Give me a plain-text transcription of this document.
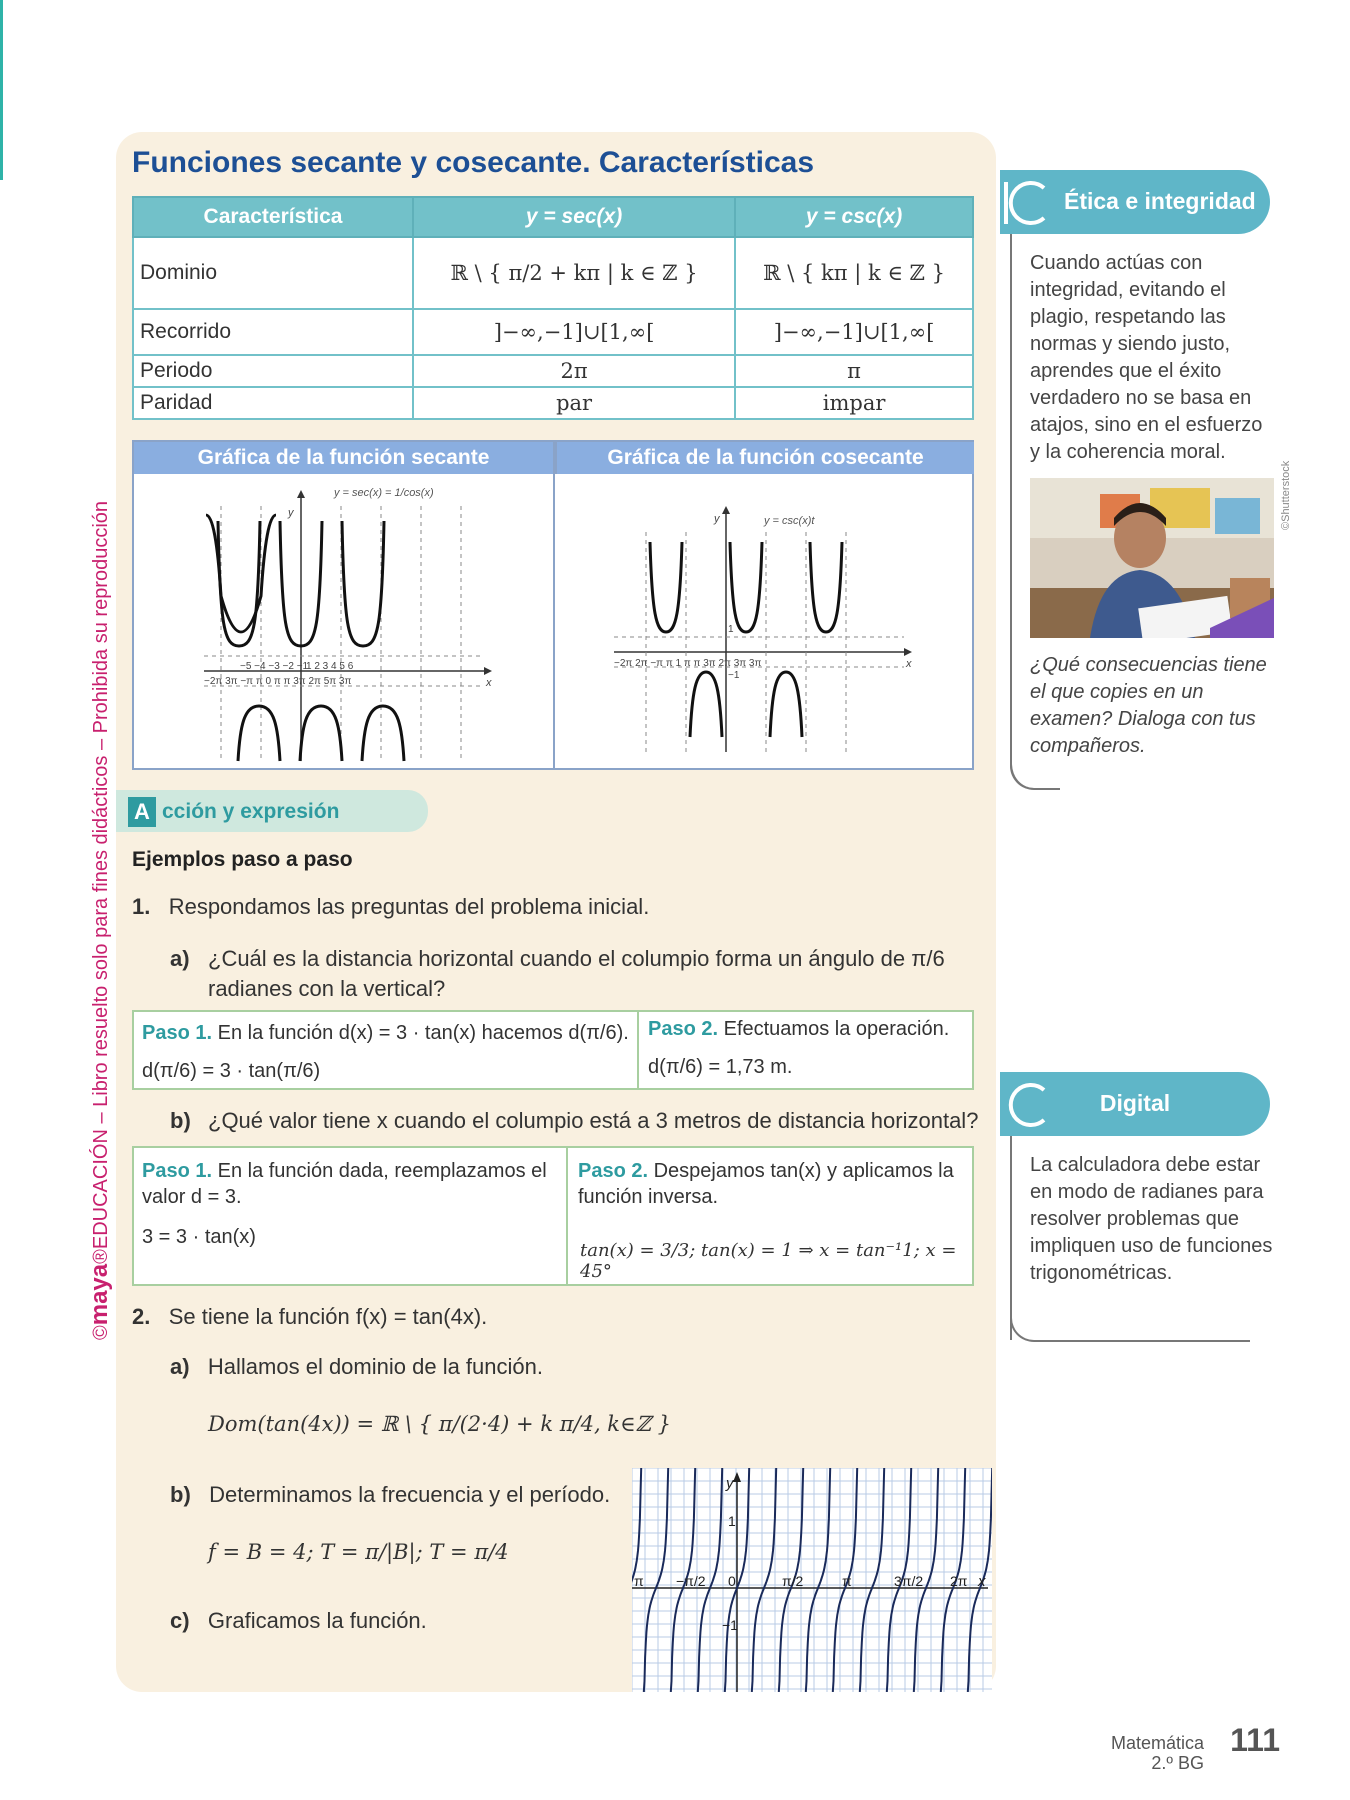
©maya®EDUCACIÓN – Libro resuelto solo para fines didácticos – Prohibida su reproducción
Funciones secante y cosecante. Características
Característica	y = sec(x)	y = csc(x)
Dominio	ℝ \ { π/2 + kπ | k ∈ ℤ }	ℝ \ { kπ | k ∈ ℤ }
Recorrido	]−∞,−1]∪[1,∞[	]−∞,−1]∪[1,∞[
Periodo	2π	π
Paridad	par	impar
Gráfica de la función secante	Gráfica de la función cosecante
y
x
y = sec(x) = 1/cos(x)
−5 −4 −3 −2 −1
1 2 3 4 5 6
−2π 3π −π π 0 π π 3π 2π 5π 3π
y
x
y = csc(x)t
−2π 2π −π π 1 π π 3π 2π 3π 3π
1
−1
A cción y expresión
Ejemplos paso a paso
1. Respondamos las preguntas del problema inicial.
a) ¿Cuál es la distancia horizontal cuando el columpio forma un ángulo de π/6 radianes con la vertical?
Paso 1. En la función d(x) = 3 · tan(x) hacemos d(π/6).
d(π/6) = 3 · tan(π/6)
Paso 2. Efectuamos la operación.
d(π/6) = 1,73 m.
b) ¿Qué valor tiene x cuando el columpio está a 3 metros de distancia horizontal?
Paso 1. En la función dada, reemplazamos el valor d = 3.
3 = 3 · tan(x)
Paso 2. Despejamos tan(x) y aplicamos la función inversa.
tan(x) = 3/3; tan(x) = 1 ⇒ x = tan⁻¹1; x = 45°
2. Se tiene la función f(x) = tan(4x).
a) Hallamos el dominio de la función.
Dom(tan(4x)) = ℝ \ { π/(2·4) + k π/4, k∈ℤ }
b) Determinamos la frecuencia y el período.
f = B = 4; T = π/|B|; T = π/4
c) Graficamos la función.
π −π/2 0	π/2	π	3π/2 2π
1
−1
y
x
Ética e integridad
Cuando actúas con integridad, evitando el plagio, respetando las normas y siendo justo, aprendes que el éxito verdadero no se basa en atajos, sino en el esfuerzo y la coherencia moral.
©Shutterstock
¿Qué consecuencias tiene el que copies en un examen? Dialoga con tus compañeros.
Digital
La calculadora debe estar en modo de radianes para resolver problemas que impliquen uso de funciones trigonométricas.
Matemática
2.º BG
111
